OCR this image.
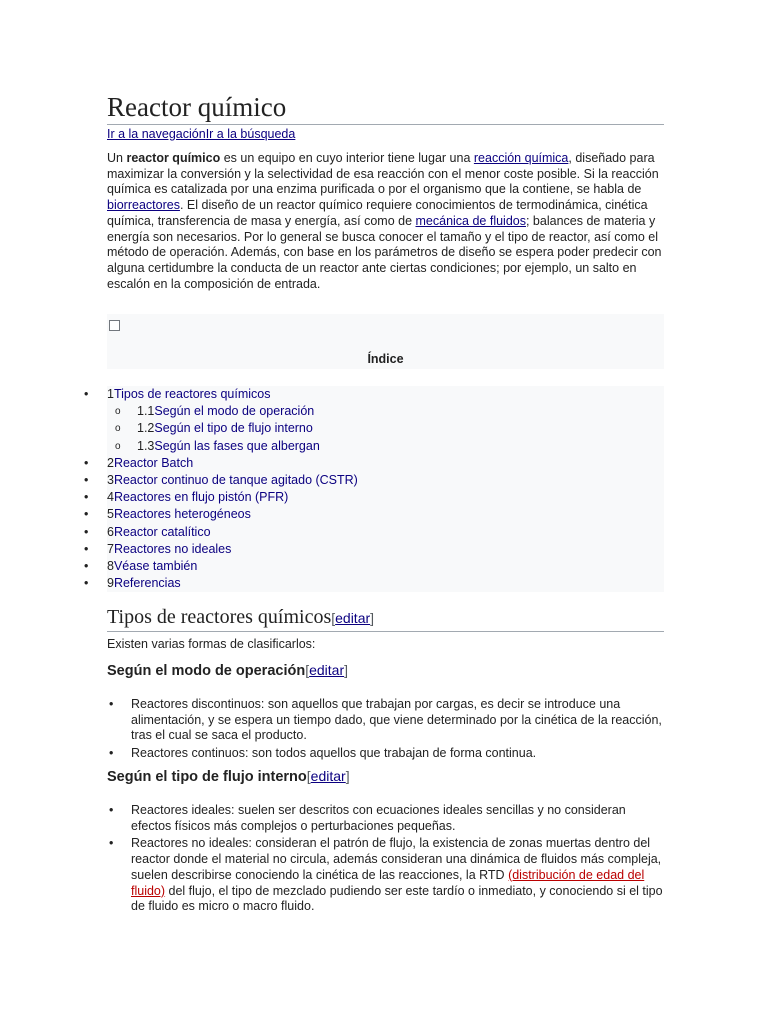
Reactor químico
Ir a la navegaciónIr a la búsqueda

Un reactor químico es un equipo en cuyo interior tiene lugar una reacción química, diseñado para maximizar la conversión y la selectividad de esa reacción con el menor coste posible. Si la reacción química es catalizada por una enzima purificada o por el organismo que la contiene, se habla de biorreactores. El diseño de un reactor químico requiere conocimientos de termodinámica, cinética química, transferencia de masa y energía, así como de mecánica de fluidos; balances de materia y energía son necesarios. Por lo general se busca conocer el tamaño y el tipo de reactor, así como el método de operación. Además, con base en los parámetros de diseño se espera poder predecir con alguna certidumbre la conducta de un reactor ante ciertas condiciones; por ejemplo, un salto en escalón en la composición de entrada.

Índice
• 1Tipos de reactores químicos
o 1.1Según el modo de operación
o 1.2Según el tipo de flujo interno
o 1.3Según las fases que albergan
• 2Reactor Batch
• 3Reactor continuo de tanque agitado (CSTR)
• 4Reactores en flujo pistón (PFR)
• 5Reactores heterogéneos
• 6Reactor catalítico
• 7Reactores no ideales
• 8Véase también
• 9Referencias
Tipos de reactores químicos[editar]

Existen varias formas de clasificarlos:

Según el modo de operación[editar]
• Reactores discontinuos: son aquellos que trabajan por cargas, es decir se introduce una alimentación, y se espera un tiempo dado, que viene determinado por la cinética de la reacción, tras el cual se saca el producto.
• Reactores continuos: son todos aquellos que trabajan de forma continua.
Según el tipo de flujo interno[editar]
• Reactores ideales: suelen ser descritos con ecuaciones ideales sencillas y no consideran efectos físicos más complejos o perturbaciones pequeñas.
• Reactores no ideales: consideran el patrón de flujo, la existencia de zonas muertas dentro del reactor donde el material no circula, además consideran una dinámica de fluidos más compleja, suelen describirse conociendo la cinética de las reacciones, la RTD (distribución de edad del fluido) del flujo, el tipo de mezclado pudiendo ser este tardío o inmediato, y conociendo si el tipo de fluido es micro o macro fluido.
